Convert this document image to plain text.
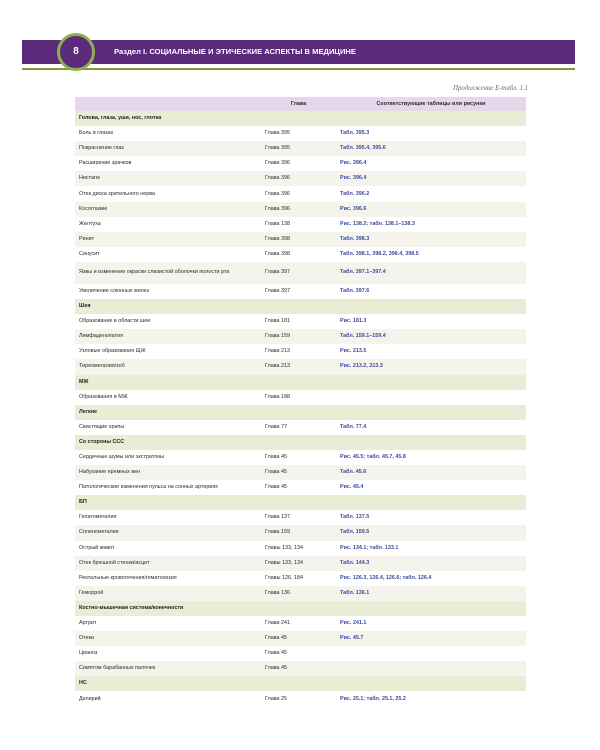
Раздел I. СОЦИАЛЬНЫЕ И ЭТИЧЕСКИЕ АСПЕКТЫ В МЕДИЦИНЕ
8
Продолжение Е-табл. 1.1
	Глава	Соответствующие таблицы или рисунки
Голова, глаза, уши, нос, глотка		
Боль в глазах	Глава 395	Табл. 395.3
Покраснение глаз	Глава 395	Табл. 395.4, 395.6
Расширение зрачков	Глава 396	Рис. 396.4
Нистагм	Глава 396	Рис. 396.4
Отек диска зрительного нерва	Глава 396	Табл. 396.2
Косоглазие	Глава 396	Рис. 396.6
Желтуха	Глава 138	Рис. 138.2; табл. 138.1–138.3
Ринит	Глава 398	Табл. 398.3
Синусит	Глава 398	Табл. 398.1, 398.2, 398.4, 398.5
Язвы и изменение окраски слизистой оболочки полости рта	Глава 397	Табл. 397.1–397.4
Увеличение слюнных желез	Глава 397	Табл. 397.6
Шея		
Образование в области шеи	Глава 181	Рис. 181.3
Лимфаденопатия	Глава 159	Табл. 159.1–159.4
Узловые образования ЩЖ	Глава 213	Рис. 213.5
Тиреомегалия/зоб	Глава 213	Рис. 213.2, 213.3
МЖ		
Образования в МЖ	Глава 188	
Легкие		
Свистящие хрипы	Глава 77	Табл. 77.4
Со стороны ССС		
Сердечные шумы или экстратоны	Глава 45	Рис. 45.5; табл. 45.7, 45.8
Набухание яремных вен	Глава 45	Табл. 45.6
Патологические изменения пульса на сонных артериях	Глава 45	Рис. 45.4
БП		
Гепатомегалия	Глава 137	Табл. 137.5
Спленомегалия	Глава 159	Табл. 159.5
Острый живот	Главы 133, 134	Рис. 134.1; табл. 133.1
Отек брюшной стенки/асцит	Главы 133, 134	Табл. 144.3
Ректальные кровотечения/гематохезия	Главы 126, 184	Рис. 126.3, 126.4, 126.6; табл. 126.4
Геморрой	Глава 136	Табл. 136.1
Костно-мышечная система/конечности		
Артрит	Глава 241	Рис. 241.1
Отеки	Глава 45	Рис. 45.7
Цианоз	Глава 45	
Симптом барабанных палочек	Глава 45	
НС		
Делирий	Глава 25	Рис. 25.1; табл. 25.1, 25.2
